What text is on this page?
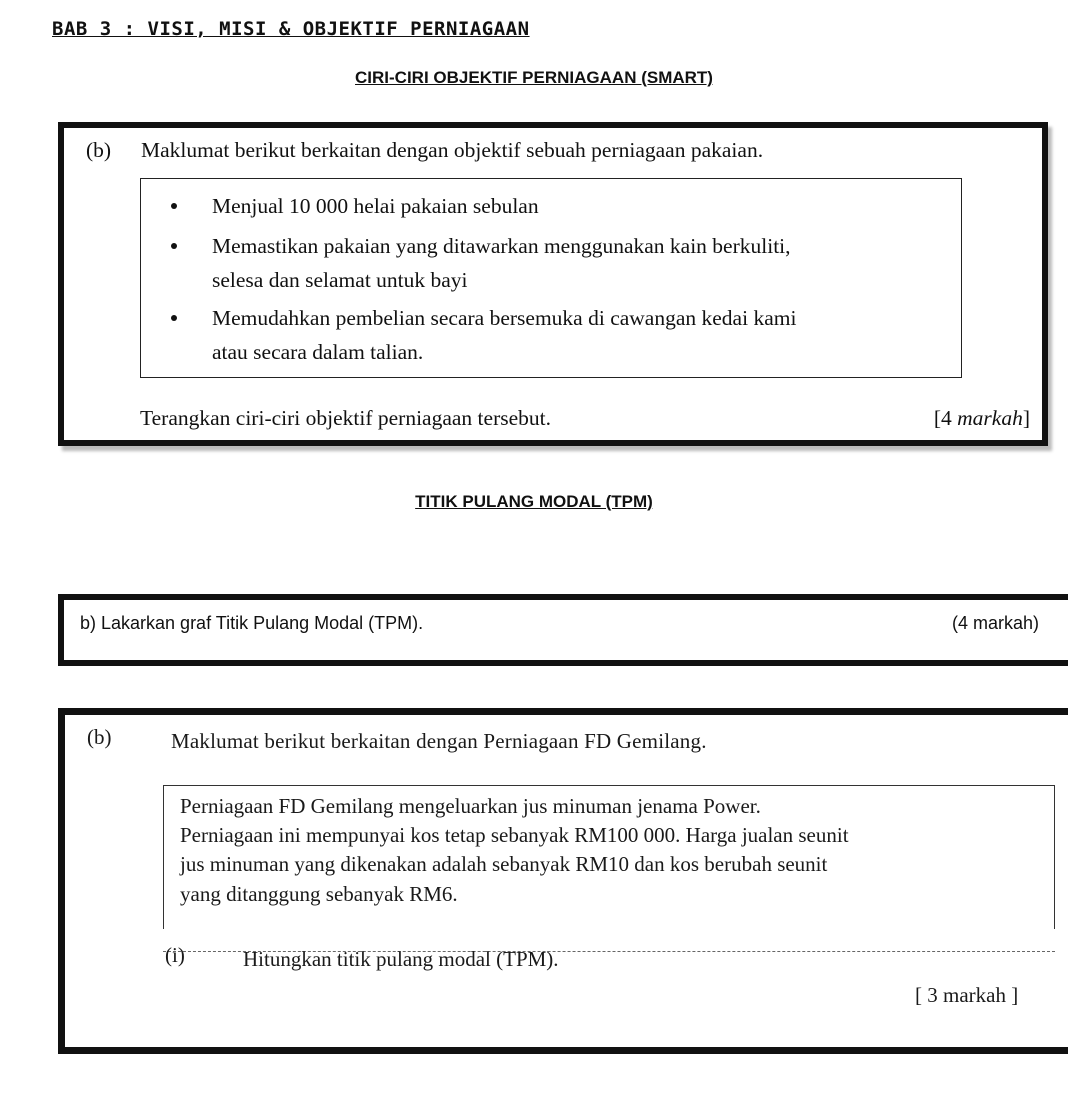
BAB 3 : VISI, MISI & OBJEKTIF PERNIAGAAN
CIRI-CIRI OBJEKTIF PERNIAGAAN (SMART)
(b) Maklumat berikut berkaitan dengan objektif sebuah perniagaan pakaian.
Menjual 10 000 helai pakaian sebulan
Memastikan pakaian yang ditawarkan menggunakan kain berkuliti,
selesa dan selamat untuk bayi
Memudahkan pembelian secara bersemuka di cawangan kedai kami
atau secara dalam talian.
Terangkan ciri-ciri objektif perniagaan tersebut.	[4 markah]
TITIK PULANG MODAL (TPM)
b) Lakarkan graf Titik Pulang Modal (TPM).	(4 markah)
(b)	Maklumat berikut berkaitan dengan Perniagaan FD Gemilang.
Perniagaan FD Gemilang mengeluarkan jus minuman jenama Power.
Perniagaan ini mempunyai kos tetap sebanyak RM100 000. Harga jualan seunit
jus minuman yang dikenakan adalah sebanyak RM10 dan kos berubah seunit
yang ditanggung sebanyak RM6.
(i)	Hitungkan titik pulang modal (TPM).
[ 3 markah ]
